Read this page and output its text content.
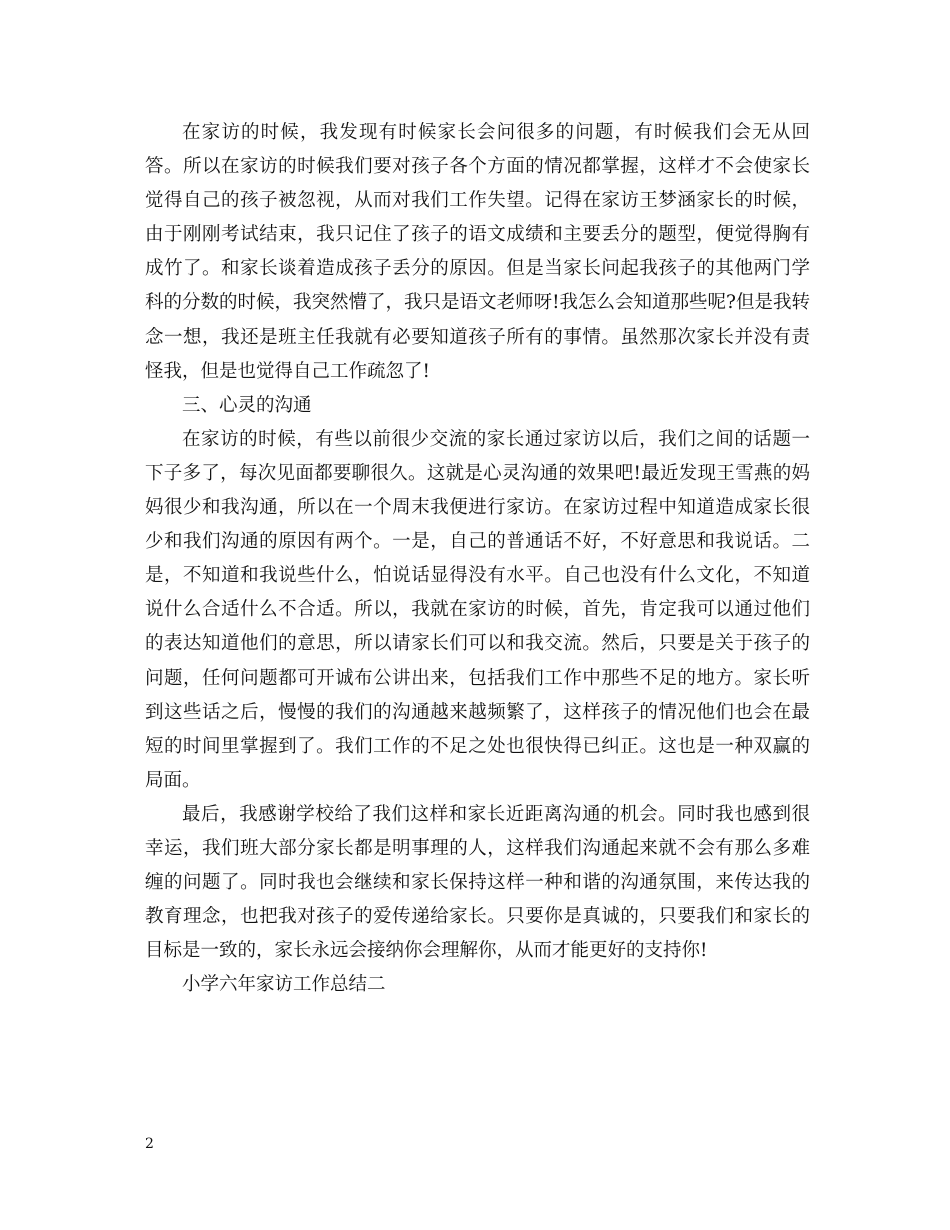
在家访的时候，我发现有时候家长会问很多的问题，有时候我们会无从回答。所以在家访的时候我们要对孩子各个方面的情况都掌握，这样才不会使家长觉得自己的孩子被忽视，从而对我们工作失望。记得在家访王梦涵家长的时候，由于刚刚考试结束，我只记住了孩子的语文成绩和主要丢分的题型，便觉得胸有成竹了。和家长谈着造成孩子丢分的原因。但是当家长问起我孩子的其他两门学科的分数的时候，我突然懵了，我只是语文老师呀!我怎么会知道那些呢?但是我转念一想，我还是班主任我就有必要知道孩子所有的事情。虽然那次家长并没有责怪我，但是也觉得自己工作疏忽了!

三、心灵的沟通

在家访的时候，有些以前很少交流的家长通过家访以后，我们之间的话题一下子多了，每次见面都要聊很久。这就是心灵沟通的效果吧!最近发现王雪燕的妈妈很少和我沟通，所以在一个周末我便进行家访。在家访过程中知道造成家长很少和我们沟通的原因有两个。一是，自己的普通话不好，不好意思和我说话。二是，不知道和我说些什么，怕说话显得没有水平。自己也没有什么文化，不知道说什么合适什么不合适。所以，我就在家访的时候，首先，肯定我可以通过他们的表达知道他们的意思，所以请家长们可以和我交流。然后，只要是关于孩子的问题，任何问题都可开诚布公讲出来，包括我们工作中那些不足的地方。家长听到这些话之后，慢慢的我们的沟通越来越频繁了，这样孩子的情况他们也会在最短的时间里掌握到了。我们工作的不足之处也很快得已纠正。这也是一种双赢的局面。

最后，我感谢学校给了我们这样和家长近距离沟通的机会。同时我也感到很幸运，我们班大部分家长都是明事理的人，这样我们沟通起来就不会有那么多难缠的问题了。同时我也会继续和家长保持这样一种和谐的沟通氛围，来传达我的教育理念，也把我对孩子的爱传递给家长。只要你是真诚的，只要我们和家长的目标是一致的，家长永远会接纳你会理解你，从而才能更好的支持你!

小学六年家访工作总结二

2
